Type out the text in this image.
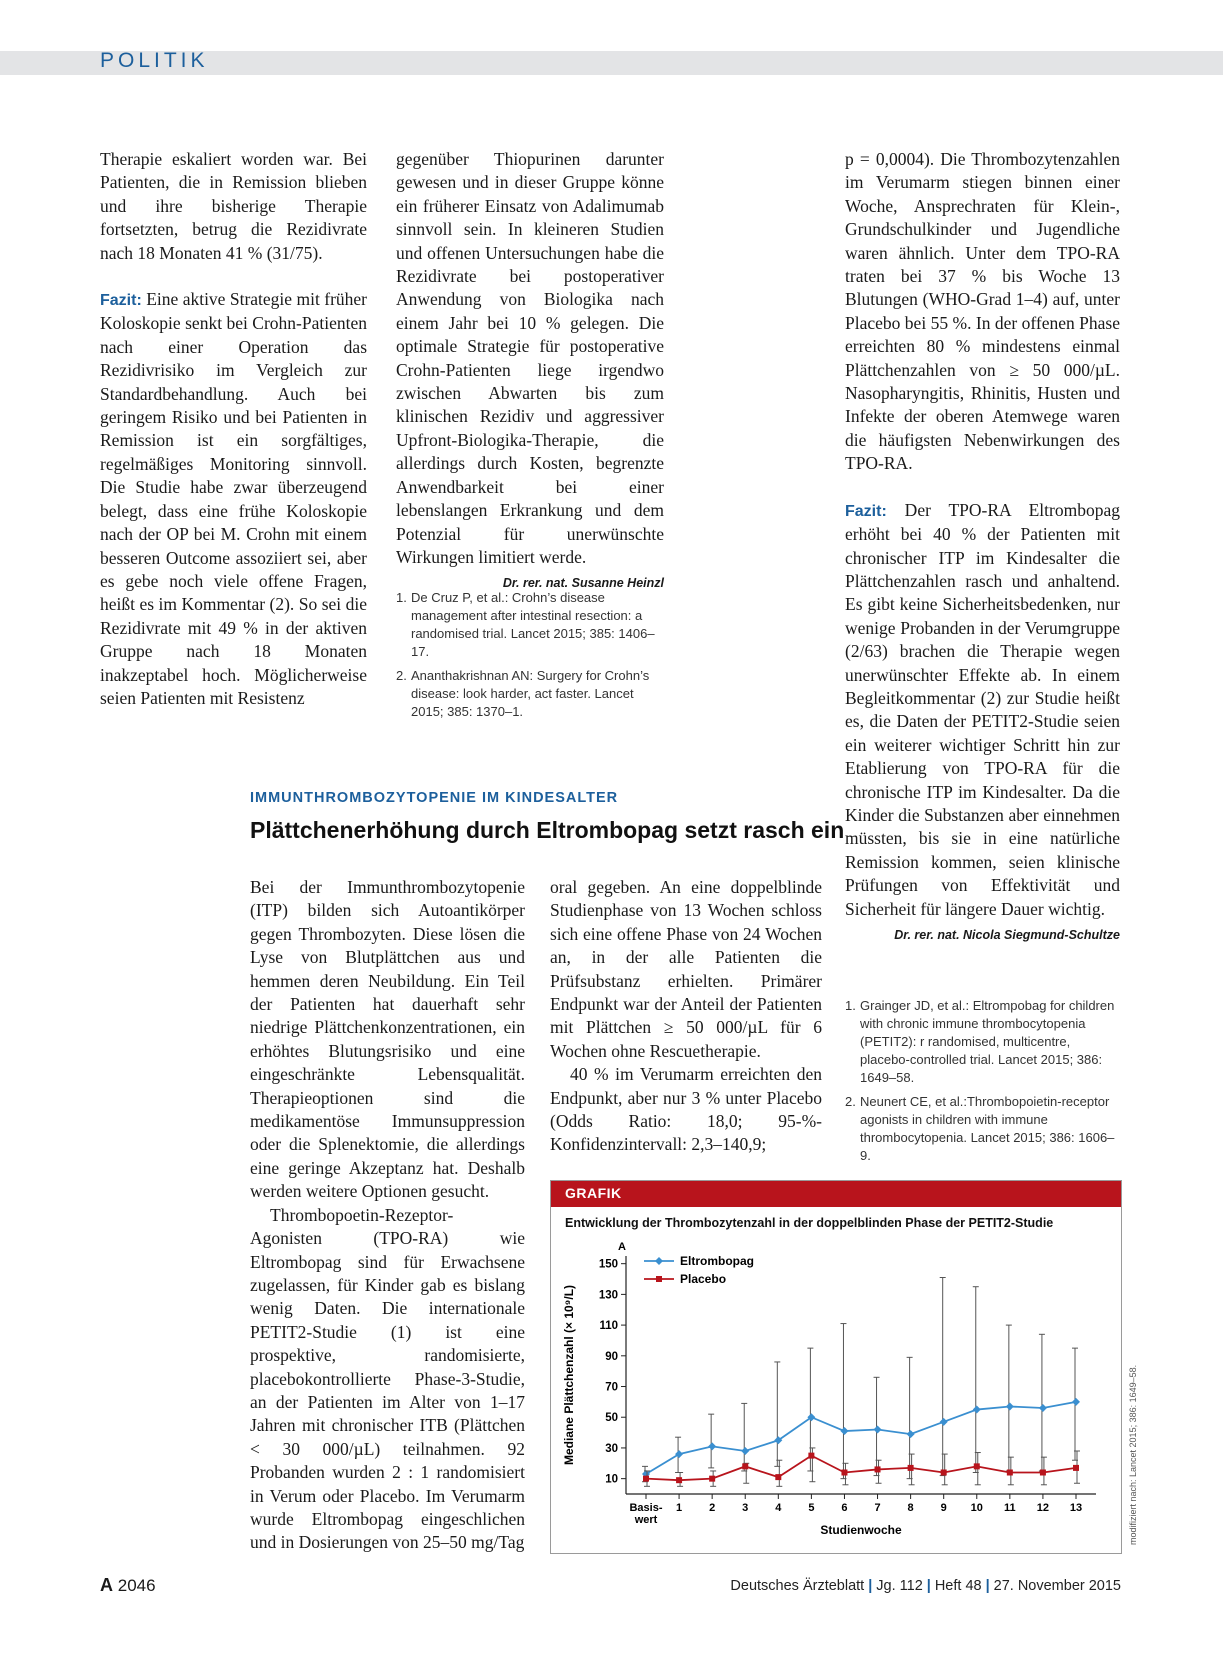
POLITIK

Therapie eskaliert worden war. Bei Patienten, die in Remission blieben und ihre bisherige Therapie fortsetzten, betrug die Rezidivrate nach 18 Monaten 41 % (31/75).

Fazit: Eine aktive Strategie mit früher Koloskopie senkt bei Crohn-Patienten nach einer Operation das Rezidivrisiko im Vergleich zur Standardbehandlung. Auch bei geringem Risiko und bei Patienten in Remission ist ein sorgfältiges, regelmäßiges Monitoring sinnvoll. Die Studie habe zwar überzeugend belegt, dass eine frühe Koloskopie nach der OP bei M. Crohn mit einem besseren Outcome assoziiert sei, aber es gebe noch viele offene Fragen, heißt es im Kommentar (2). So sei die Rezidivrate mit 49 % in der aktiven Gruppe nach 18 Monaten inakzeptabel hoch. Möglicherweise seien Patienten mit Resistenz

gegenüber Thiopurinen darunter gewesen und in dieser Gruppe könne ein früherer Einsatz von Adalimumab sinnvoll sein. In kleineren Studien und offenen Untersuchungen habe die Rezidivrate bei postoperativer Anwendung von Biologika nach einem Jahr bei 10 % gelegen. Die optimale Strategie für postoperative Crohn-Patienten liege irgendwo zwischen Abwarten bis zum klinischen Rezidiv und aggressiver Upfront-Biologika-Therapie, die allerdings durch Kosten, begrenzte Anwendbarkeit bei einer lebenslangen Erkrankung und dem Potenzial für unerwünschte Wirkungen limitiert werde.
Dr. rer. nat. Susanne Heinzl

1. De Cruz P, et al.: Crohn’s disease management after intestinal resection: a randomised trial. Lancet 2015; 385: 1406–17.
2. Ananthakrishnan AN: Surgery for Crohn’s disease: look harder, act faster. Lancet 2015; 385: 1370–1.

p = 0,0004). Die Thrombozytenzahlen im Verumarm stiegen binnen einer Woche, Ansprechraten für Klein-, Grundschulkinder und Jugendliche waren ähnlich. Unter dem TPO-RA traten bei 37 % bis Woche 13 Blutungen (WHO-Grad 1–4) auf, unter Placebo bei 55 %. In der offenen Phase erreichten 80 % mindestens einmal Plättchenzahlen von ≥ 50 000/µL. Nasopharyngitis, Rhinitis, Husten und Infekte der oberen Atemwege waren die häufigsten Nebenwirkungen des TPO-RA.

Fazit: Der TPO-RA Eltrombopag erhöht bei 40 % der Patienten mit chronischer ITP im Kindesalter die Plättchenzahlen rasch und anhaltend. Es gibt keine Sicherheitsbedenken, nur wenige Probanden in der Verumgruppe (2/63) brachen die Therapie wegen unerwünschter Effekte ab. In einem Begleitkommentar (2) zur Studie heißt es, die Daten der PETIT2-Studie seien ein weiterer wichtiger Schritt hin zur Etablierung von TPO-RA für die chronische ITP im Kindesalter. Da die Kinder die Substanzen aber einnehmen müssten, bis sie in eine natürliche Remission kommen, seien klinische Prüfungen von Effektivität und Sicherheit für längere Dauer wichtig.
Dr. rer. nat. Nicola Siegmund-Schultze

1. Grainger JD, et al.: Eltrompobag for children with chronic immune thrombocytopenia (PETIT2): r randomised, multicentre, placebo-controlled trial. Lancet 2015; 386: 1649–58.
2. Neunert CE, et al.:Thrombopoietin-receptor agonists in children with immune thrombocytopenia. Lancet 2015; 386: 1606–9.
IMMUNTHROMBOZYTOPENIE IM KINDESALTER
Plättchenerhöhung durch Eltrombopag setzt rasch ein

Bei der Immunthrombozytopenie (ITP) bilden sich Autoantikörper gegen Thrombozyten. Diese lösen die Lyse von Blutplättchen aus und hemmen deren Neubildung. Ein Teil der Patienten hat dauerhaft sehr niedrige Plättchenkonzentrationen, ein erhöhtes Blutungsrisiko und eine eingeschränkte Lebensqualität. Therapieoptionen sind die medikamentöse Immunsuppression oder die Splenektomie, die allerdings eine geringe Akzeptanz hat. Deshalb werden weitere Optionen gesucht.

Thrombopoetin-Rezeptor-Agonisten (TPO-RA) wie Eltrombopag sind für Erwachsene zugelassen, für Kinder gab es bislang wenig Daten. Die internationale PETIT2-Studie (1) ist eine prospektive, randomisierte, placebokontrollierte Phase-3-Studie, an der Patienten im Alter von 1–17 Jahren mit chronischer ITB (Plättchen < 30 000/µL) teilnahmen. 92 Probanden wurden 2 : 1 randomisiert in Verum oder Placebo. Im Verumarm wurde Eltrombopag eingeschlichen und in Dosierungen von 25–50 mg/Tag

oral gegeben. An eine doppelblinde Studienphase von 13 Wochen schloss sich eine offene Phase von 24 Wochen an, in der alle Patienten die Prüfsubstanz erhielten. Primärer Endpunkt war der Anteil der Patienten mit Plättchen ≥ 50 000/µL für 6 Wochen ohne Rescuetherapie.

40 % im Verumarm erreichten den Endpunkt, aber nur 3 % unter Placebo (Odds Ratio: 18,0; 95-%-Konfidenzintervall: 2,3–140,9;

GRAFIK
Entwicklung der Thrombozytenzahl in der doppelblinden Phase der PETIT2-Studie
A
10
30
50
70
90
110
130
150
Basis-
wert
1 2 3 4 5 6 7 8 9 10 11 12 13
Studienwoche
Mediane Plättchenzahl (× 10⁹/L)
Eltrombopag
Placebo
modifiziert nach: Lancet 2015; 386: 1649–58.
A 2046	Deutsches Ärzteblatt | Jg. 112 | Heft 48 | 27. November 2015
